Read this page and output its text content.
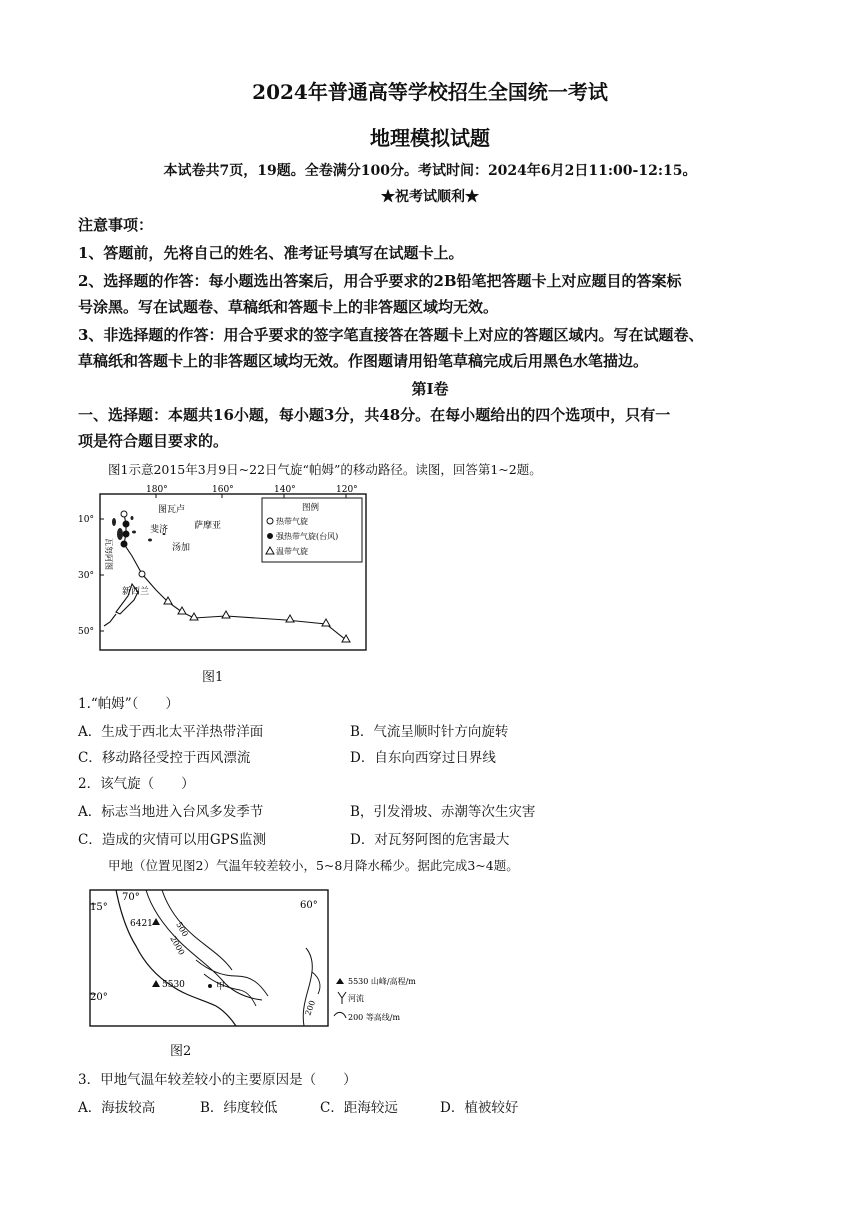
2024年普通高等学校招生全国统一考试
地理模拟试题
本试卷共7页，19题。全卷满分100分。考试时间：2024年6月2日11:00-12:15。
★祝考试顺利★
注意事项：
1、答题前，先将自己的姓名、准考证号填写在试题卡上。
2、选择题的作答：每小题选出答案后，用合乎要求的2B铅笔把答题卡上对应题目的答案标
号涂黑。写在试题卷、草稿纸和答题卡上的非答题区域均无效。
3、非选择题的作答：用合乎要求的签字笔直接答在答题卡上对应的答题区域内。写在试题卷、
草稿纸和答题卡上的非答题区域均无效。作图题请用铅笔草稿完成后用黑色水笔描边。
第I卷
一、选择题：本题共16小题，每小题3分，共48分。在每小题给出的四个选项中，只有一
项是符合题目要求的。
图1示意2015年3月9日~22日气旋“帕姆”的移动路径。读图，回答第1~2题。
180°	160°	140°	120°
10°
30°
50°
图瓦卢
萨摩亚
斐济
汤加
瓦努阿图
新西兰
图例
热带气旋
强热带气旋(台风)
温带气旋
图1
1.“帕姆”（　　）
A．生成于西北太平洋热带洋面	B．气流呈顺时针方向旋转
C．移动路径受控于西风漂流	D．自东向西穿过日界线
2．该气旋（　　）
A．标志当地进入台风多发季节	B，引发滑坡、赤潮等次生灾害
C．造成的灾情可以用GPS监测	D．对瓦努阿图的危害最大
甲地（位置见图2）气温年较差较小，5~8月降水稀少。据此完成3~4题。
70°
60°
15°
20°
500
2000
200
6421
5530	甲
5530 山峰/高程/m
河流
200 等高线/m
图2
3．甲地气温年较差较小的主要原因是（　　）
A．海拔较高	B．纬度较低	C．距海较远	D．植被较好
